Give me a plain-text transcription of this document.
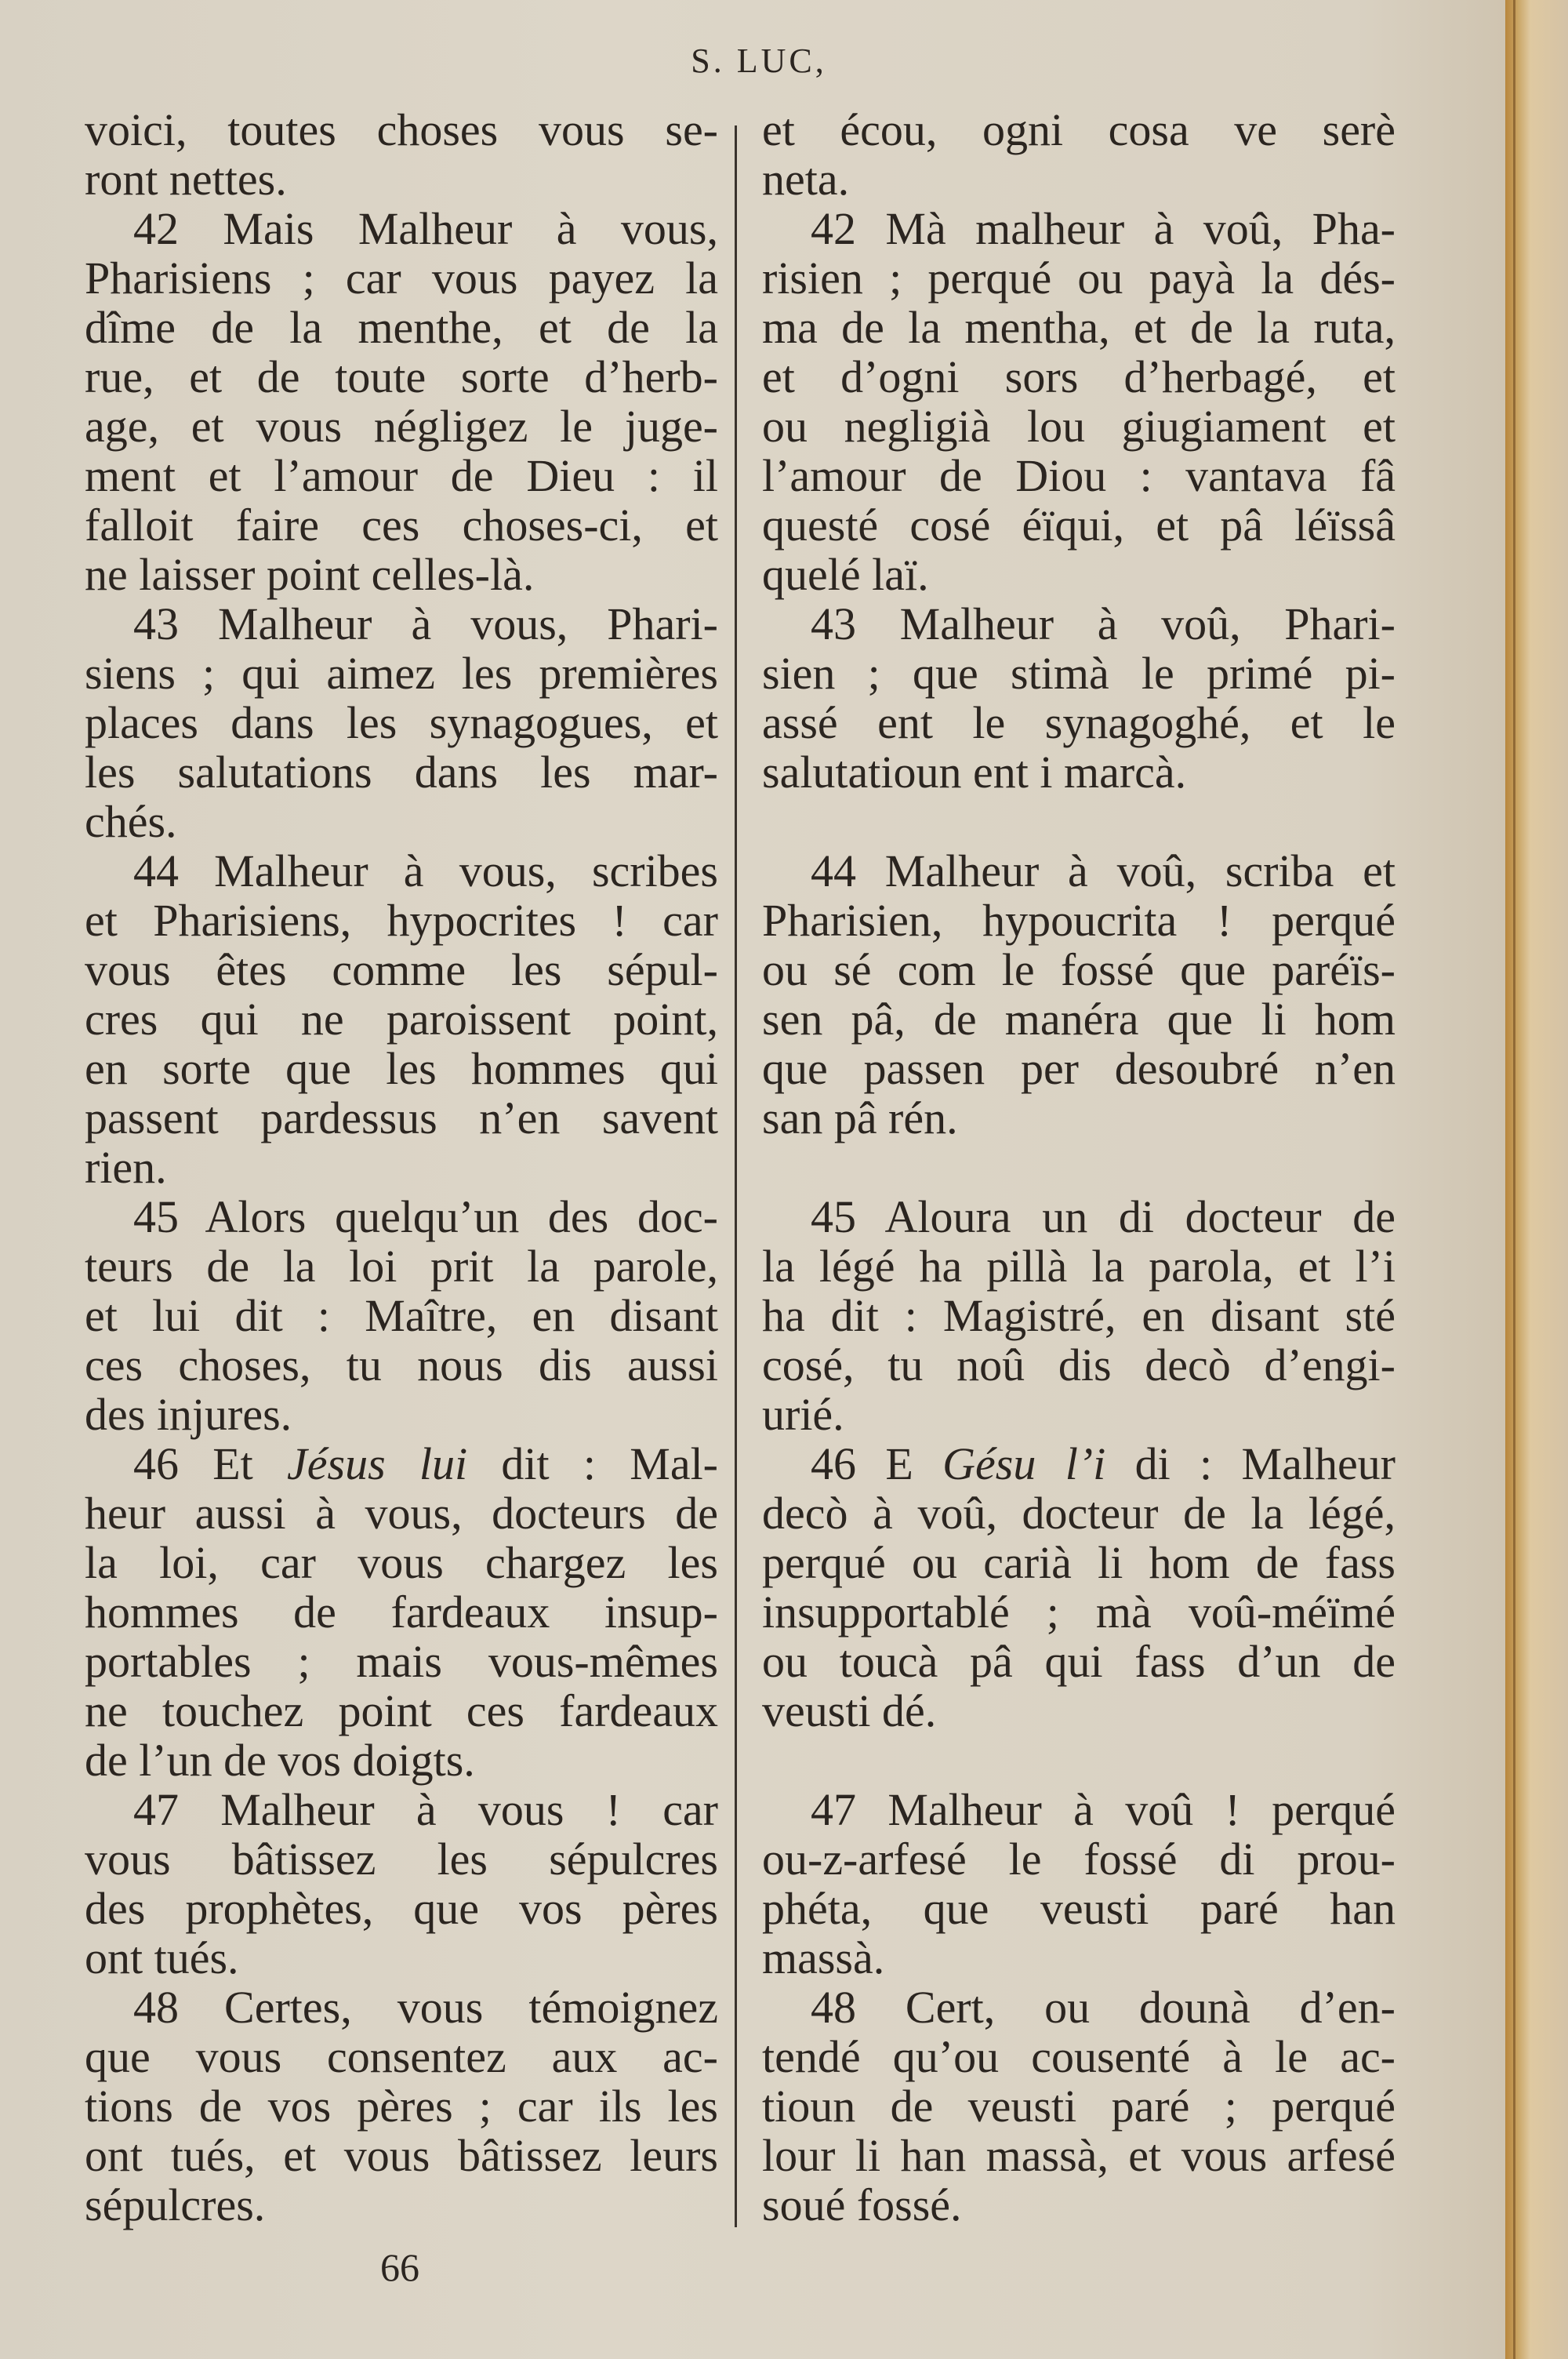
S. LUC,
voici, toutes choses vous se-
ront nettes.
42 Mais Malheur à vous,
Pharisiens ; car vous payez la
dîme de la menthe, et de la
rue, et de toute sorte d’herb-
age, et vous négligez le juge-
ment et l’amour de Dieu : il
falloit faire ces choses-ci, et
ne laisser point celles-là.
43 Malheur à vous, Phari-
siens ; qui aimez les premières
places dans les synagogues, et
les salutations dans les mar-
chés.
44 Malheur à vous, scribes
et Pharisiens, hypocrites ! car
vous êtes comme les sépul-
cres qui ne paroissent point,
en sorte que les hommes qui
passent pardessus n’en savent
rien.
45 Alors quelqu’un des doc-
teurs de la loi prit la parole,
et lui dit : Maître, en disant
ces choses, tu nous dis aussi
des injures.
46 Et Jésus lui dit : Mal-
heur aussi à vous, docteurs de
la loi, car vous chargez les
hommes de fardeaux insup-
portables ; mais vous-mêmes
ne touchez point ces fardeaux
de l’un de vos doigts.
47 Malheur à vous ! car
vous bâtissez les sépulcres
des prophètes, que vos pères
ont tués.
48 Certes, vous témoignez
que vous consentez aux ac-
tions de vos pères ; car ils les
ont tués, et vous bâtissez leurs
sépulcres.
et écou, ogni cosa ve serè
neta.
42 Mà malheur à voû, Pha-
risien ; perqué ou payà la dés-
ma de la mentha, et de la ruta,
et d’ogni sors d’herbagé, et
ou negligià lou giugiament et
l’amour de Diou : vantava fâ
questé cosé éïqui, et pâ léïssâ
quelé laï.
43 Malheur à voû, Phari-
sien ; que stimà le primé pi-
assé ent le synagoghé, et le
salutatioun ent i marcà.
44 Malheur à voû, scriba et
Pharisien, hypoucrita ! perqué
ou sé com le fossé que paréïs-
sen pâ, de manéra que li hom
que passen per desoubré n’en
san pâ rén.
45 Aloura un di docteur de
la légé ha pillà la parola, et l’i
ha dit : Magistré, en disant sté
cosé, tu noû dis decò d’engi-
urié.
46 E Gésu l’i di : Malheur
decò à voû, docteur de la légé,
perqué ou carià li hom de fass
insupportablé ; mà voû-méïmé
ou toucà pâ qui fass d’un de
veusti dé.
47 Malheur à voû ! perqué
ou-z-arfesé le fossé di prou-
phéta, que veusti paré han
massà.
48 Cert, ou dounà d’en-
tendé qu’ou cousenté à le ac-
tioun de veusti paré ; perqué
lour li han massà, et vous arfesé
soué fossé.
66
